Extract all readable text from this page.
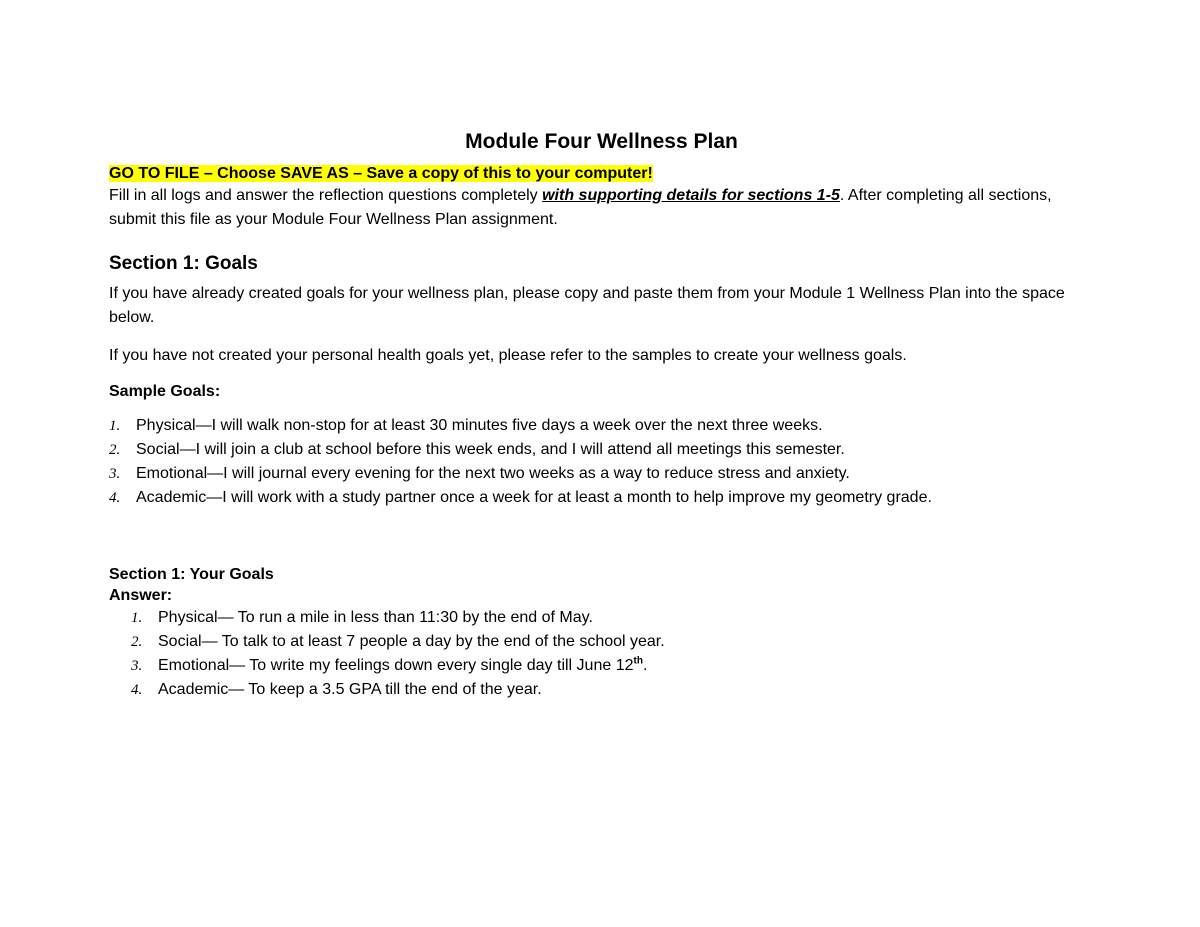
Module Four Wellness Plan

GO TO FILE – Choose SAVE AS – Save a copy of this to your computer!

Fill in all logs and answer the reflection questions completely with supporting details for sections 1-5. After completing all sections, submit this file as your Module Four Wellness Plan assignment.

Section 1: Goals

If you have already created goals for your wellness plan, please copy and paste them from your Module 1 Wellness Plan into the space below.

If you have not created your personal health goals yet, please refer to the samples to create your wellness goals.

Sample Goals:

1. Physical—I will walk non-stop for at least 30 minutes five days a week over the next three weeks.
2. Social—I will join a club at school before this week ends, and I will attend all meetings this semester.
3. Emotional—I will journal every evening for the next two weeks as a way to reduce stress and anxiety.
4. Academic—I will work with a study partner once a week for at least a month to help improve my geometry grade.

Section 1: Your Goals

Answer:

1. Physical— To run a mile in less than 11:30 by the end of May.
2. Social— To talk to at least 7 people a day by the end of the school year.
3. Emotional— To write my feelings down every single day till June 12th.
4. Academic— To keep a 3.5 GPA till the end of the year.
